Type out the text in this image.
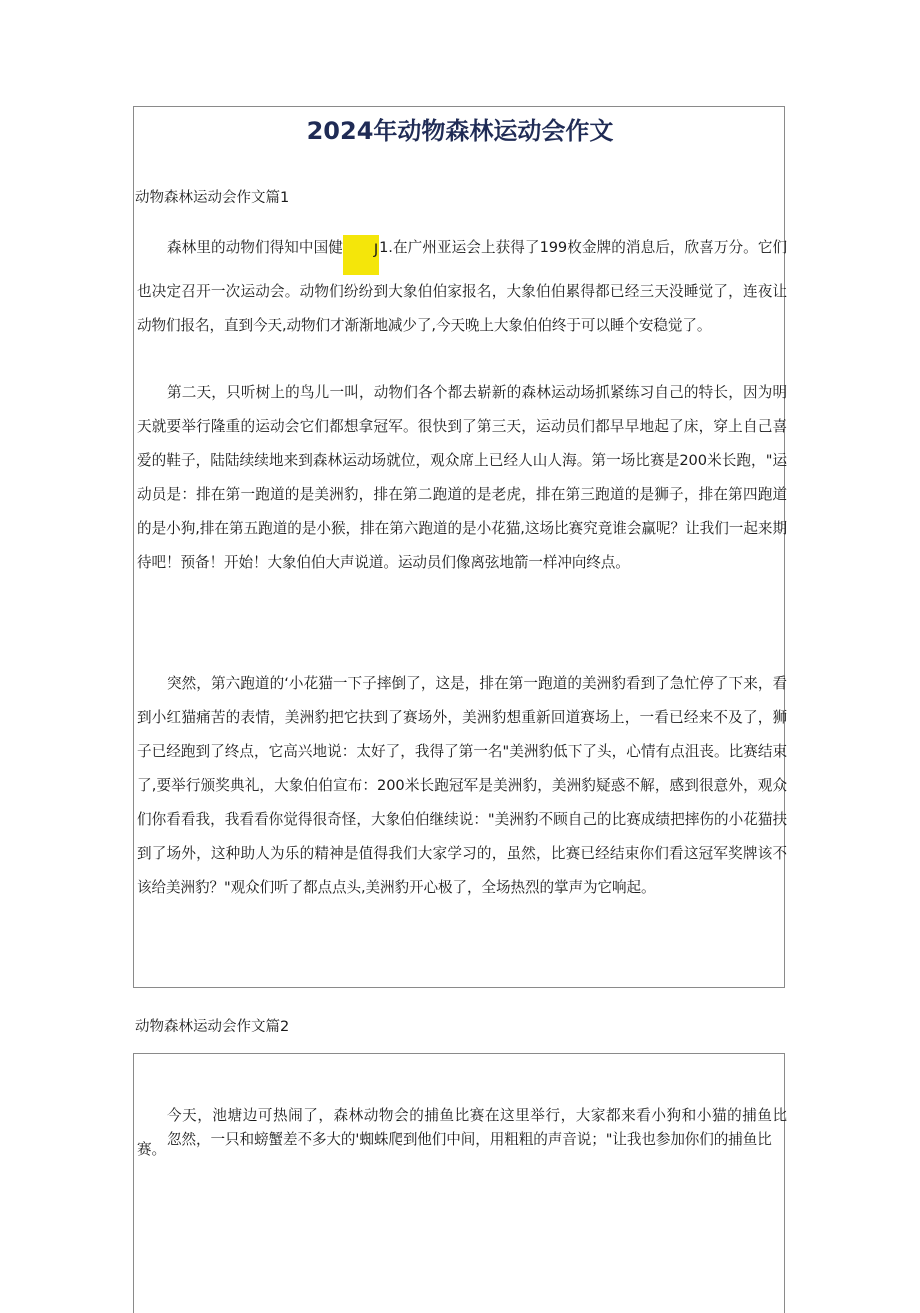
2024年动物森林运动会作文

动物森林运动会作文篇1

森林里的动物们得知中国健 J1.在广州亚运会上获得了199枚金牌的消息后，欣喜万分。它们也决定召开一次运动会。动物们纷纷到大象伯伯家报名，大象伯伯累得都已经三天没睡觉了，连夜让动物们报名，直到今天,动物们才渐渐地减少了,今天晚上大象伯伯终于可以睡个安稳觉了。

第二天，只听树上的鸟儿一叫，动物们各个都去崭新的森林运动场抓紧练习自己的特长，因为明天就要举行隆重的运动会它们都想拿冠军。很快到了第三天，运动员们都早早地起了床，穿上自己喜爱的鞋子，陆陆续续地来到森林运动场就位，观众席上已经人山人海。第一场比赛是200米长跑，"运动员是：排在第一跑道的是美洲豹，排在第二跑道的是老虎，排在第三跑道的是狮子，排在第四跑道的是小狗,排在第五跑道的是小猴，排在第六跑道的是小花猫,这场比赛究竟谁会赢呢？让我们一起来期待吧！预备！开始！大象伯伯大声说道。运动员们像离弦地箭一样冲向终点。

突然，第六跑道的‘小花猫一下子摔倒了，这是，排在第一跑道的美洲豹看到了急忙停了下来，看到小红猫痛苦的表情，美洲豹把它扶到了赛场外，美洲豹想重新回道赛场上，一看已经来不及了，狮子已经跑到了终点，它高兴地说：太好了，我得了第一名"美洲豹低下了头，心情有点沮丧。比赛结束了,要举行颁奖典礼，大象伯伯宣布：200米长跑冠军是美洲豹，美洲豹疑惑不解，感到很意外，观众们你看看我，我看看你觉得很奇怪，大象伯伯继续说："美洲豹不顾自己的比赛成绩把摔伤的小花猫扶到了场外，这种助人为乐的精神是值得我们大家学习的，虽然，比赛已经结束你们看这冠军奖牌该不该给美洲豹？"观众们听了都点点头,美洲豹开心极了，全场热烈的掌声为它响起。

动物森林运动会作文篇2

今天，池塘边可热闹了，森林动物会的捕鱼比赛在这里举行，大家都来看小狗和小猫的捕鱼比赛。

忽然，一只和螃蟹差不多大的'蜘蛛爬到他们中间，用粗粗的声音说；"让我也参加你们的捕鱼比
